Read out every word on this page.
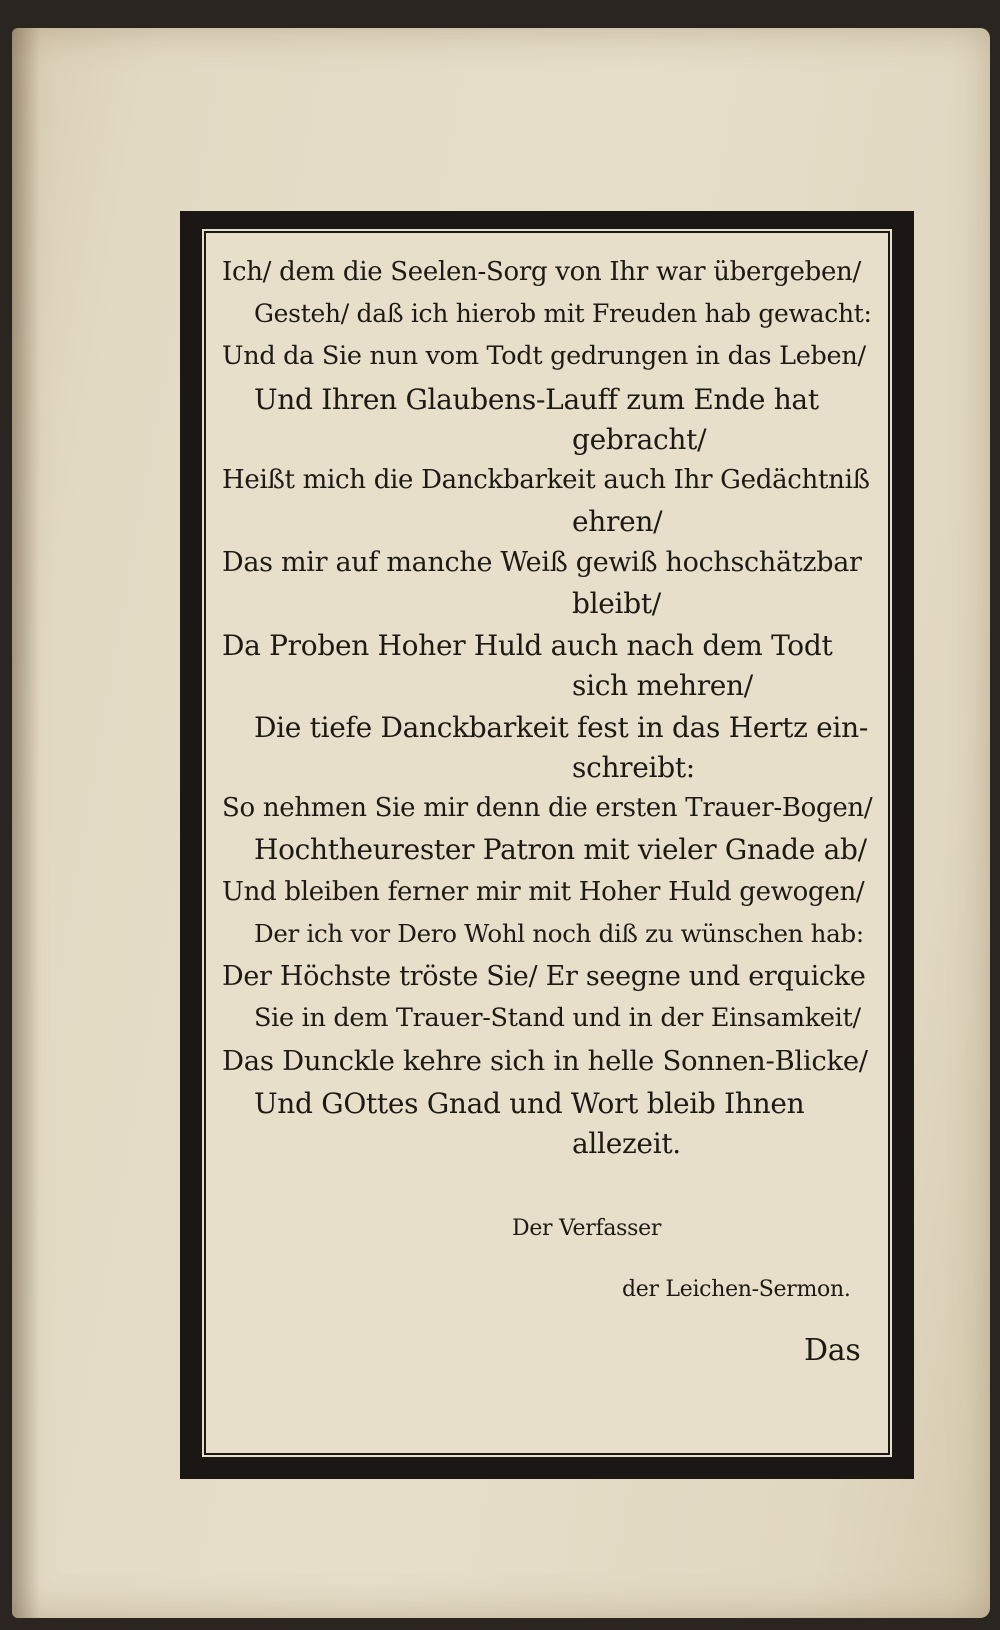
Ich/ dem die Seelen-Sorg von Ihr war übergeben/
Gesteh/ daß ich hierob mit Freuden hab gewacht:
Und da Sie nun vom Todt gedrungen in das Leben/
Und Ihren Glaubens-Lauff zum Ende hat
gebracht/
Heißt mich die Danckbarkeit auch Ihr Gedächtniß
ehren/
Das mir auf manche Weiß gewiß hochschätzbar
bleibt/
Da Proben Hoher Huld auch nach dem Todt
sich mehren/
Die tiefe Danckbarkeit fest in das Hertz ein-
schreibt:
So nehmen Sie mir denn die ersten Trauer-Bogen/
Hochtheurester Patron mit vieler Gnade ab/
Und bleiben ferner mir mit Hoher Huld gewogen/
Der ich vor Dero Wohl noch diß zu wünschen hab:
Der Höchste tröste Sie/ Er seegne und erquicke
Sie in dem Trauer-Stand und in der Einsamkeit/
Das Dunckle kehre sich in helle Sonnen-Blicke/
Und GOttes Gnad und Wort bleib Ihnen
allezeit.
Der Verfasser
der Leichen-Sermon.
Das
